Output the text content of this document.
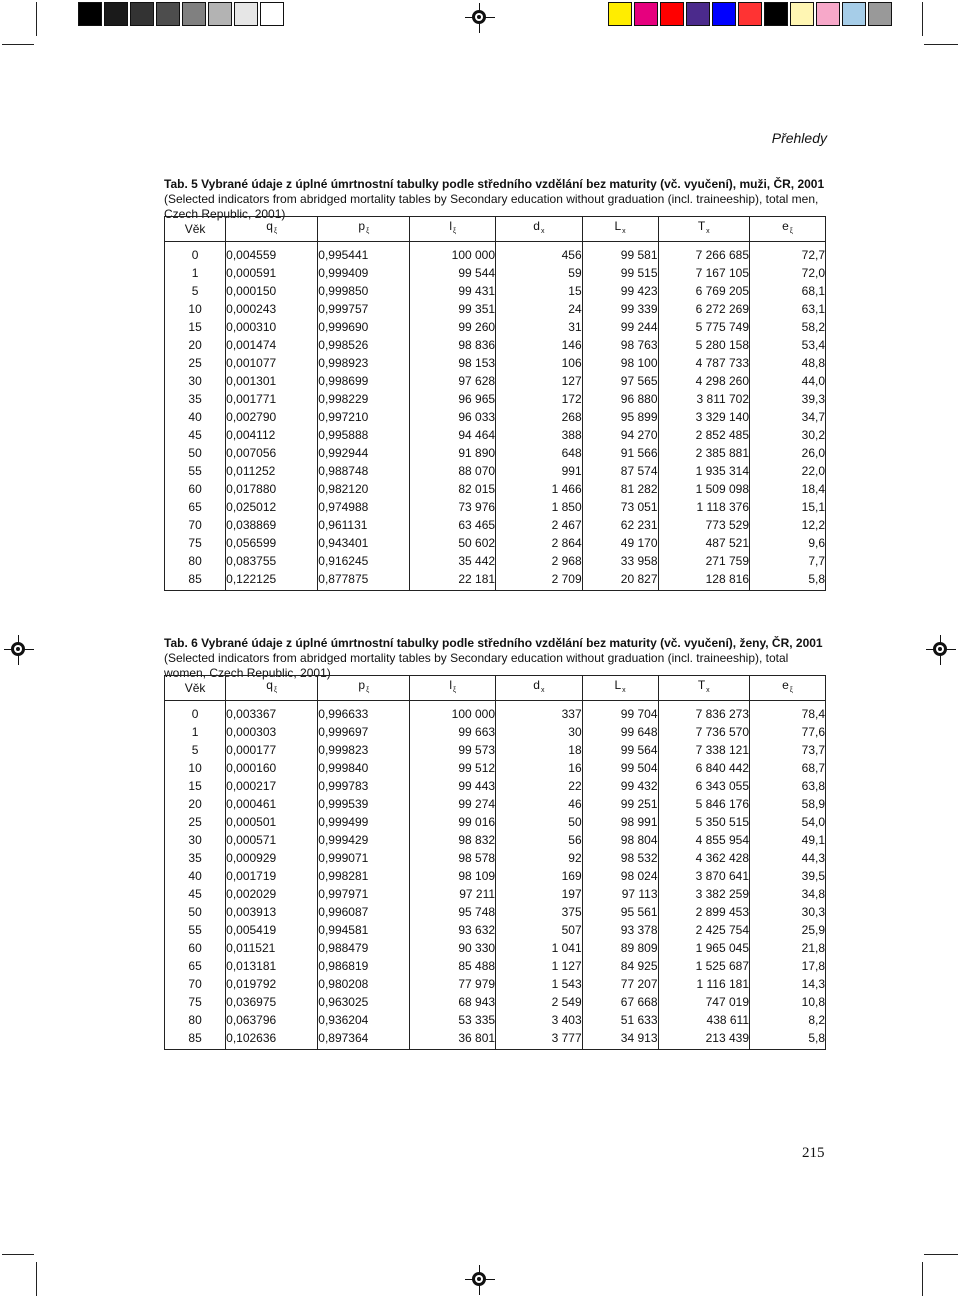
Přehledy
Tab. 5 Vybrané údaje z úplné úmrtnostní tabulky podle středního vzdělání bez maturity (vč. vyučení), muži, ČR, 2001 (Selected indicators from abridged mortality tables by Secondary education without graduation (incl. traineeship), total men, Czech Republic, 2001)
Věk	$q_\xi$	$p_\xi$	$l_\xi$	$d_x$	$L_x$	$T_x$	$e_\xi$
0	0,004559	0,995441	100 000	456	99 581	7 266 685	72,7
1	0,000591	0,999409	99 544	59	99 515	7 167 105	72,0
5	0,000150	0,999850	99 431	15	99 423	6 769 205	68,1
10	0,000243	0,999757	99 351	24	99 339	6 272 269	63,1
15	0,000310	0,999690	99 260	31	99 244	5 775 749	58,2
20	0,001474	0,998526	98 836	146	98 763	5 280 158	53,4
25	0,001077	0,998923	98 153	106	98 100	4 787 733	48,8
30	0,001301	0,998699	97 628	127	97 565	4 298 260	44,0
35	0,001771	0,998229	96 965	172	96 880	3 811 702	39,3
40	0,002790	0,997210	96 033	268	95 899	3 329 140	34,7
45	0,004112	0,995888	94 464	388	94 270	2 852 485	30,2
50	0,007056	0,992944	91 890	648	91 566	2 385 881	26,0
55	0,011252	0,988748	88 070	991	87 574	1 935 314	22,0
60	0,017880	0,982120	82 015	1 466	81 282	1 509 098	18,4
65	0,025012	0,974988	73 976	1 850	73 051	1 118 376	15,1
70	0,038869	0,961131	63 465	2 467	62 231	773 529	12,2
75	0,056599	0,943401	50 602	2 864	49 170	487 521	9,6
80	0,083755	0,916245	35 442	2 968	33 958	271 759	7,7
85	0,122125	0,877875	22 181	2 709	20 827	128 816	5,8
Tab. 6 Vybrané údaje z úplné úmrtnostní tabulky podle středního vzdělání bez maturity (vč. vyučení), ženy, ČR, 2001 (Selected indicators from abridged mortality tables by Secondary education without graduation (incl. traineeship), total women, Czech Republic, 2001)
Věk	$q_\xi$	$p_\xi$	$l_\xi$	$d_x$	$L_x$	$T_x$	$e_\xi$
0	0,003367	0,996633	100 000	337	99 704	7 836 273	78,4
1	0,000303	0,999697	99 663	30	99 648	7 736 570	77,6
5	0,000177	0,999823	99 573	18	99 564	7 338 121	73,7
10	0,000160	0,999840	99 512	16	99 504	6 840 442	68,7
15	0,000217	0,999783	99 443	22	99 432	6 343 055	63,8
20	0,000461	0,999539	99 274	46	99 251	5 846 176	58,9
25	0,000501	0,999499	99 016	50	98 991	5 350 515	54,0
30	0,000571	0,999429	98 832	56	98 804	4 855 954	49,1
35	0,000929	0,999071	98 578	92	98 532	4 362 428	44,3
40	0,001719	0,998281	98 109	169	98 024	3 870 641	39,5
45	0,002029	0,997971	97 211	197	97 113	3 382 259	34,8
50	0,003913	0,996087	95 748	375	95 561	2 899 453	30,3
55	0,005419	0,994581	93 632	507	93 378	2 425 754	25,9
60	0,011521	0,988479	90 330	1 041	89 809	1 965 045	21,8
65	0,013181	0,986819	85 488	1 127	84 925	1 525 687	17,8
70	0,019792	0,980208	77 979	1 543	77 207	1 116 181	14,3
75	0,036975	0,963025	68 943	2 549	67 668	747 019	10,8
80	0,063796	0,936204	53 335	3 403	51 633	438 611	8,2
85	0,102636	0,897364	36 801	3 777	34 913	213 439	5,8
215
